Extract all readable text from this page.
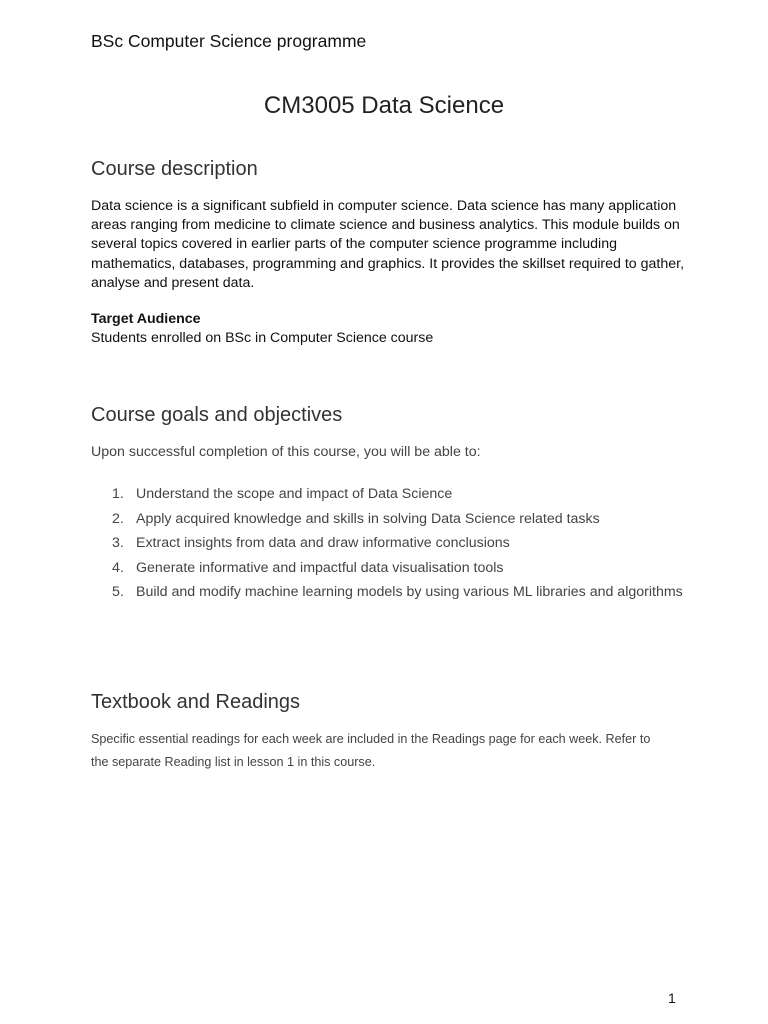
BSc Computer Science programme

CM3005 Data Science
Course description
Data science is a significant subfield in computer science. Data science has many application
areas ranging from medicine to climate science and business analytics. This module builds on
several topics covered in earlier parts of the computer science programme including
mathematics, databases, programming and graphics. It provides the skillset required to gather,
analyse and present data.
Target Audience
Students enrolled on BSc in Computer Science course
Course goals and objectives
Upon successful completion of this course, you will be able to:
1. Understand the scope and impact of Data Science
2. Apply acquired knowledge and skills in solving Data Science related tasks
3. Extract insights from data and draw informative conclusions
4. Generate informative and impactful data visualisation tools
5. Build and modify machine learning models by using various ML libraries and algorithms
Textbook and Readings
Specific essential readings for each week are included in the Readings page for each week. Refer to
the separate Reading list in lesson 1 in this course.
1
